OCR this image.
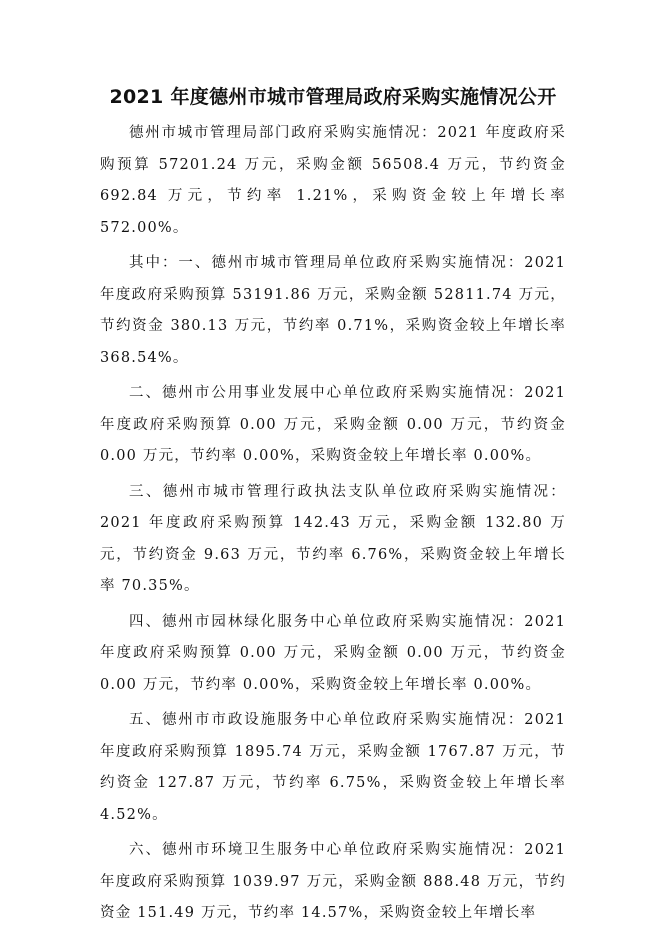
2021 年度德州市城市管理局政府采购实施情况公开

德州市城市管理局部门政府采购实施情况：2021 年度政府采购预算 57201.24 万元，采购金额 56508.4 万元，节约资金 692.84 万元，节约率 1.21%，采购资金较上年增长率 572.00%。

其中：一、德州市城市管理局单位政府采购实施情况：2021 年度政府采购预算 53191.86 万元，采购金额 52811.74 万元，节约资金 380.13 万元，节约率 0.71%，采购资金较上年增长率 368.54%。

二、德州市公用事业发展中心单位政府采购实施情况：2021 年度政府采购预算 0.00 万元，采购金额 0.00 万元，节约资金 0.00 万元，节约率 0.00%，采购资金较上年增长率 0.00%。

三、德州市城市管理行政执法支队单位政府采购实施情况：2021 年度政府采购预算 142.43 万元，采购金额 132.80 万元，节约资金 9.63 万元，节约率 6.76%，采购资金较上年增长率 70.35%。

四、德州市园林绿化服务中心单位政府采购实施情况：2021 年度政府采购预算 0.00 万元，采购金额 0.00 万元，节约资金 0.00 万元，节约率 0.00%，采购资金较上年增长率 0.00%。

五、德州市市政设施服务中心单位政府采购实施情况：2021 年度政府采购预算 1895.74 万元，采购金额 1767.87 万元，节约资金 127.87 万元，节约率 6.75%，采购资金较上年增长率 4.52%。

六、德州市环境卫生服务中心单位政府采购实施情况：2021 年度政府采购预算 1039.97 万元，采购金额 888.48 万元，节约资金 151.49 万元，节约率 14.57%，采购资金较上年增长率
